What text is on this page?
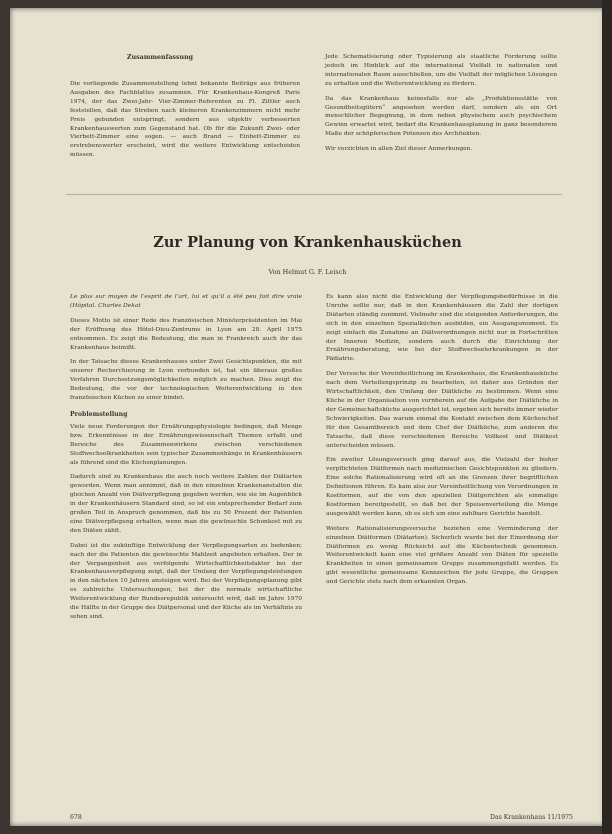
Zusammenfassung

Die vorliegende Zusammenstellung lehnt bekannte Beiträge aus früheren Ausgaben des Fachblattes zusammen. Für Krankenhaus-Kongreß Paris 1974, der das Zwei-Jahr- Vier-Zimmer-Referenten zu Fl. Zittler auch feststellen, daß das Streben nach kleineren Krankenzimmern nicht mehr Preis gebunden entspringt, sondern aus objektiv verbesserten Krankenhauswerten zum Gegenstand hat. Ob für die Zukunft Zwei- oder Vierbett-Zimmer eine sogen. — auch Brand — Einbett-Zimmer zu erstrebenswerter erscheint, wird die weitere Entwicklung entscheiden müssen.

Jede Schematisierung oder Typisierung als staatliche Forderung sollte jedoch im Hinblick auf die international Vielfalt in nationalen und internationalen Raum ausschließen, um die Vielfalt der möglichen Lösungen zu erhalten und die Weiterentwicklung zu fördern.

Da das Krankenhaus keinesfalls nur als „Produktionsstätte von Gesundheitsgütern“ angesehen werden darf, sondern als ein Ort menschlicher Begegnung, in dem neben physischem auch psychischem Gewinn erwartet wird, bedarf die Krankenhausplanung in ganz besonderem Maße der schöpferischen Potenzen des Architekten.

Wir verzichten in allen Ziel dieser Anmerkungen.

Zur Planung von Krankenhausküchen
Von Helmut G. F. Leisch

Le plus sur moyen de l’esprit de l’art, lui et qu’il a été peu fait dire vraie (Hôpital. Charles Dekat

Dieses Motto ist einer Rede des französischen Ministerpräsidenten im Mai der Eröffnung des Hôtel-Dieu-Zentrums in Lyon am 28. April 1975 entnommen. Es zeigt die Bedeutung, die man in Frankreich auch ihr das Krankenhaus beimißt.

In der Tatsache dieses Krankenhauses unter Zwei Gesichtspunkten, die mit unserer Recherchierung in Lyon verbunden ist, hat ein überaus großes Verfahren Durchsetzungsmöglichkeiten möglich zu machen. Dies zeigt die Bedeutung, die vor der technologischen Weiterentwicklung in den französischen Küchen zu einer bindet.

Problemstellung

Viele neue Forderungen der Ernährungsphysiologie bedingen, daß Menge bzw. Erkenntnisse in der Ernährungswissenschaft Themen erfaßt und Bereiche des Zusammenwirkens zwischen verschiedenen Stoffwechselkrankheiten sein typischer Zusammenhänge in Krankenhäusern als führend sind die Küchenplanungen.

Dadurch sind zu Krankenhaus die auch noch weitere Zahlen der Diätarten geworden. Wenn man annimmt, daß in den einzelnen Krankenanstalten die gleichen Anzahl von Diätverpflegung gegeben werden, wie sie im Augenblick in der Krankenhäusern Standard sind, so ist ein entsprechender Bedarf zum großen Teil in Anspruch genommen, daß bis zu 50 Prozent der Patienten eine Diätverpflegung erhalten, wenn man die gewünschte Schonkost mit zu den Diäten zählt.

Dabei ist die zukünftige Entwicklung der Verpflegungsarten zu bedenken; nach der die Patienten die gewünschte Mahlzeit angeboten erhalten. Der in der Vergangenheit aus verfolgende Wirtschaftlichkeitsfaktor bei der Krankenhausverpflegung zeigt, daß der Umfang der Verpflegungsleistungen in den nächsten 10 Jahren ansteigen wird. Bei der Verpflegungsplanung gibt es zahlreiche Untersuchungen, bei der die normale wirtschaftliche Weiterentwicklung der Bundesrepublik untersucht wird, daß im Jahre 1970 die Hälfte in der Gruppe des Diätpersonal und der Küche als im Verhältnis zu sehen sind.

Es kann also nicht die Entwicklung der Verpflegungsbedürfnisse in die Unruhe sollte nur, daß in den Krankenhäusern die Zahl der dortigen Diätarten ständig zunimmt. Vielmehr sind die steigenden Anforderungen, die sich in den einzelnen Spezialküchen ausbilden, ein Ausgangsmoment. Es zeigt einfach die Zunahme an Diätverordnungen nicht nur in Fortschritten der Inneren Medizin, sondern auch durch die Einrichtung der Ernährungsberatung, wie bei der Stoffwechselerkrankungen in der Pädiatrie.

Der Versuche der Vereinheitlichung im Krankenhaus, die Krankenhausküche nach dem Verteilungsprinzip zu bearbeiten, ist daher aus Gründen der Wirtschaftlichkeit, den Umfang der Diätküche zu bestimmen. Wenn eine Küche in der Organisation von vornherein auf die Aufgabe der Diätküche in der Gemeinschaftsküche ausgerichtet ist, ergeben sich bereits immer wieder Schwierigkeiten. Das warum einmal die Kontakt zwischen dem Küchenchef für den Gesamtbereich und dem Chef der Diätküche, zum anderen die Tatsache, daß diese verschiedenen Bereiche Vollkost und Diätkost unterscheiden müssen.

Ein zweiter Lösungsversuch ging darauf aus, die Vielzahl der bisher verpflichteten Diätformen nach medizinischen Gesichtspunkten zu gliedern. Eine solche Rationalisierung wird oft an die Grenzen ihrer begrifflichen Definitionen führen. Es kam also zur Vereinheitlichung von Verordnungen in Kostformen, auf die von den speziellen Diätgerichten als einmalige Kostformen bereitgestellt, so daß bei der Speisenverteilung die Menge ausgewählt werden kann, ob es sich um eine zahlbare Gerichte handelt.

Weitere Rationalisierungsversuche beziehen eine Verminderung der einzelnen Diätformen (Diätarten). Sicherlich wurde bei der Einordnung der Diätformen zu wenig Rücksicht auf die Küchentechnik genommen. Weiterentwickelt kann eine viel größere Anzahl von Diäten für spezielle Krankheiten in einen gemeinsamen Gruppe zusammengefaßt werden. Es gibt wesentliche gemeinsame Kennzeichen für jede Gruppe, die Gruppen und Gerichte stets nach dem erkannten Organ.

678	Das Krankenhaus 11/1975
